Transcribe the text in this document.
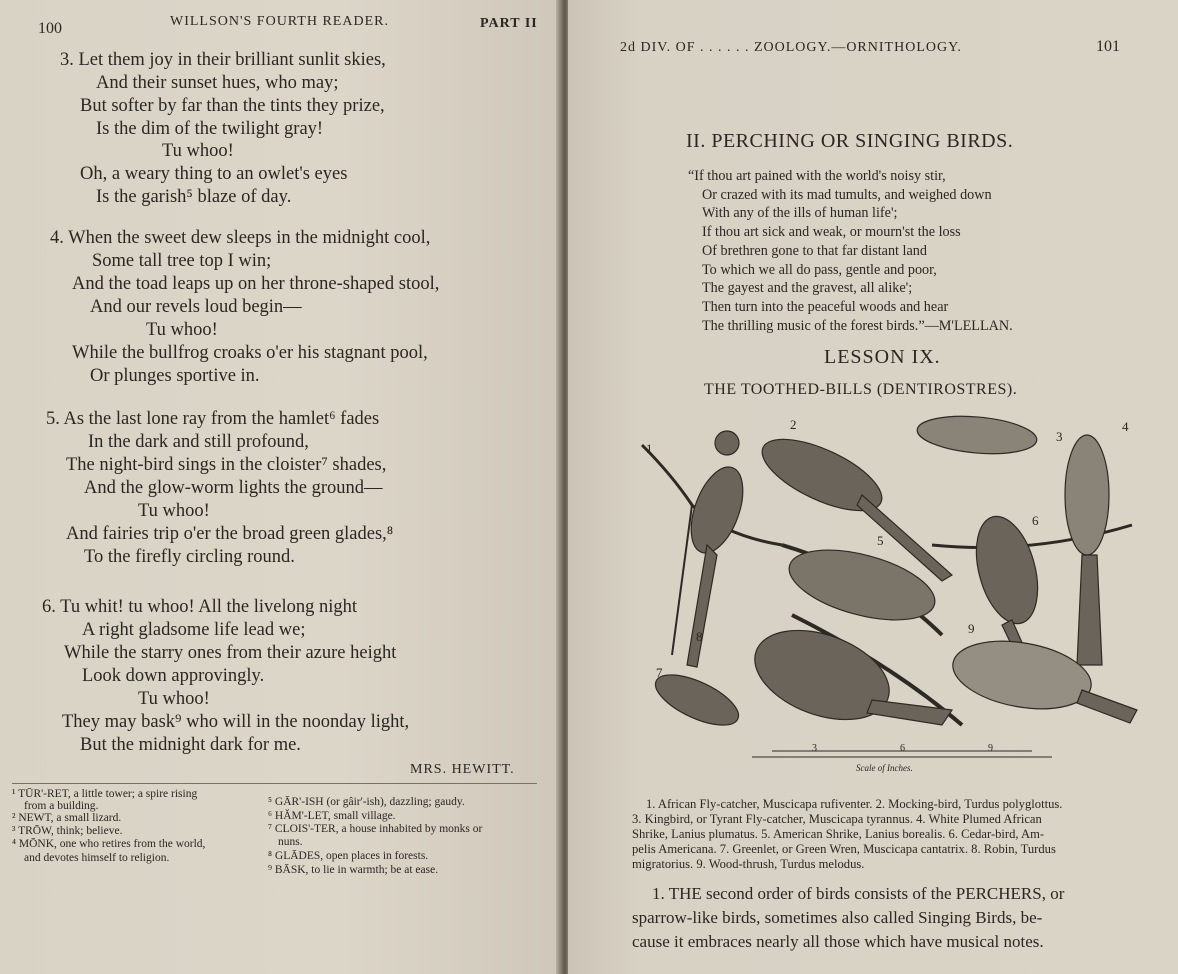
100	WILLSON'S FOURTH READER.	PART II
3. Let them joy in their brilliant sunlit skies,
And their sunset hues, who may;
But softer by far than the tints they prize,
Is the dim of the twilight gray!
Tu whoo!
Oh, a weary thing to an owlet's eyes
Is the garish⁵ blaze of day.
4. When the sweet dew sleeps in the midnight cool,
Some tall tree top I win;
And the toad leaps up on her throne-shaped stool,
And our revels loud begin—
Tu whoo!
While the bullfrog croaks o'er his stagnant pool,
Or plunges sportive in.
5. As the last lone ray from the hamlet⁶ fades
In the dark and still profound,
The night-bird sings in the cloister⁷ shades,
And the glow-worm lights the ground—
Tu whoo!
And fairies trip o'er the broad green glades,⁸
To the firefly circling round.
6. Tu whit! tu whoo! All the livelong night
A right gladsome life lead we;
While the starry ones from their azure height
Look down approvingly.
Tu whoo!
They may bask⁹ who will in the noonday light,
But the midnight dark for me.
MRS. HEWITT.
¹ TŪR'-RET, a little tower; a spire rising
from a building.
² NEWT, a small lizard.
³ TRŌW, think; believe.
⁴ MŌNK, one who retires from the world,
and devotes himself to religion.
⁵ GĀR'-ISH (or gâir'-ish), dazzling; gaudy.
⁶ HĂM'-LET, small village.
⁷ CLOIS'-TER, a house inhabited by monks or
nuns.
⁸ GLĀDES, open places in forests.
⁹ BĀSK, to lie in warmth; be at ease.
2d DIV. OF . . . . . . ZOOLOGY.—ORNITHOLOGY.	101
II. PERCHING OR SINGING BIRDS.
“If thou art pained with the world's noisy stir,
Or crazed with its mad tumults, and weighed down
With any of the ills of human life';
If thou art sick and weak, or mourn'st the loss
Of brethren gone to that far distant land
To which we all do pass, gentle and poor,
The gayest and the gravest, all alike';
Then turn into the peaceful woods and hear
The thrilling music of the forest birds.”—M'LELLAN.
LESSON IX.
THE TOOTHED-BILLS (DENTIROSTRES).
1
2
3
4
5
6
7
8
9
3	6	9
Scale of Inches.
1. African Fly-catcher, Muscicapa rufiventer. 2. Mocking-bird, Turdus polyglottus.
3. Kingbird, or Tyrant Fly-catcher, Muscicapa tyrannus. 4. White Plumed African
Shrike, Lanius plumatus. 5. American Shrike, Lanius borealis. 6. Cedar-bird, Am-
pelis Americana. 7. Greenlet, or Green Wren, Muscicapa cantatrix. 8. Robin, Turdus
migratorius. 9. Wood-thrush, Turdus melodus.
1. THE second order of birds consists of the PERCHERS, or
sparrow-like birds, sometimes also called Singing Birds, be-
cause it embraces nearly all those which have musical notes.
